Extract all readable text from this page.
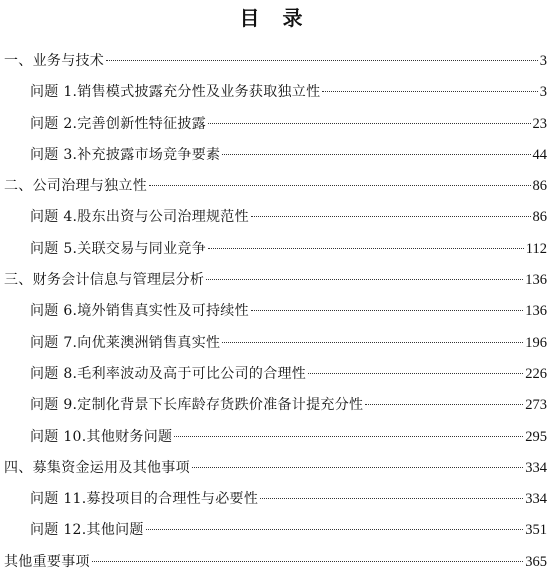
目 录
一、业务与技术	3
问题 1.销售模式披露充分性及业务获取独立性	3
问题 2.完善创新性特征披露	23
问题 3.补充披露市场竞争要素	44
二、公司治理与独立性	86
问题 4.股东出资与公司治理规范性	86
问题 5.关联交易与同业竞争	112
三、财务会计信息与管理层分析	136
问题 6.境外销售真实性及可持续性	136
问题 7.向优莱澳洲销售真实性	196
问题 8.毛利率波动及高于可比公司的合理性	226
问题 9.定制化背景下长库龄存货跌价准备计提充分性	273
问题 10.其他财务问题	295
四、募集资金运用及其他事项	334
问题 11.募投项目的合理性与必要性	334
问题 12.其他问题	351
其他重要事项	365
